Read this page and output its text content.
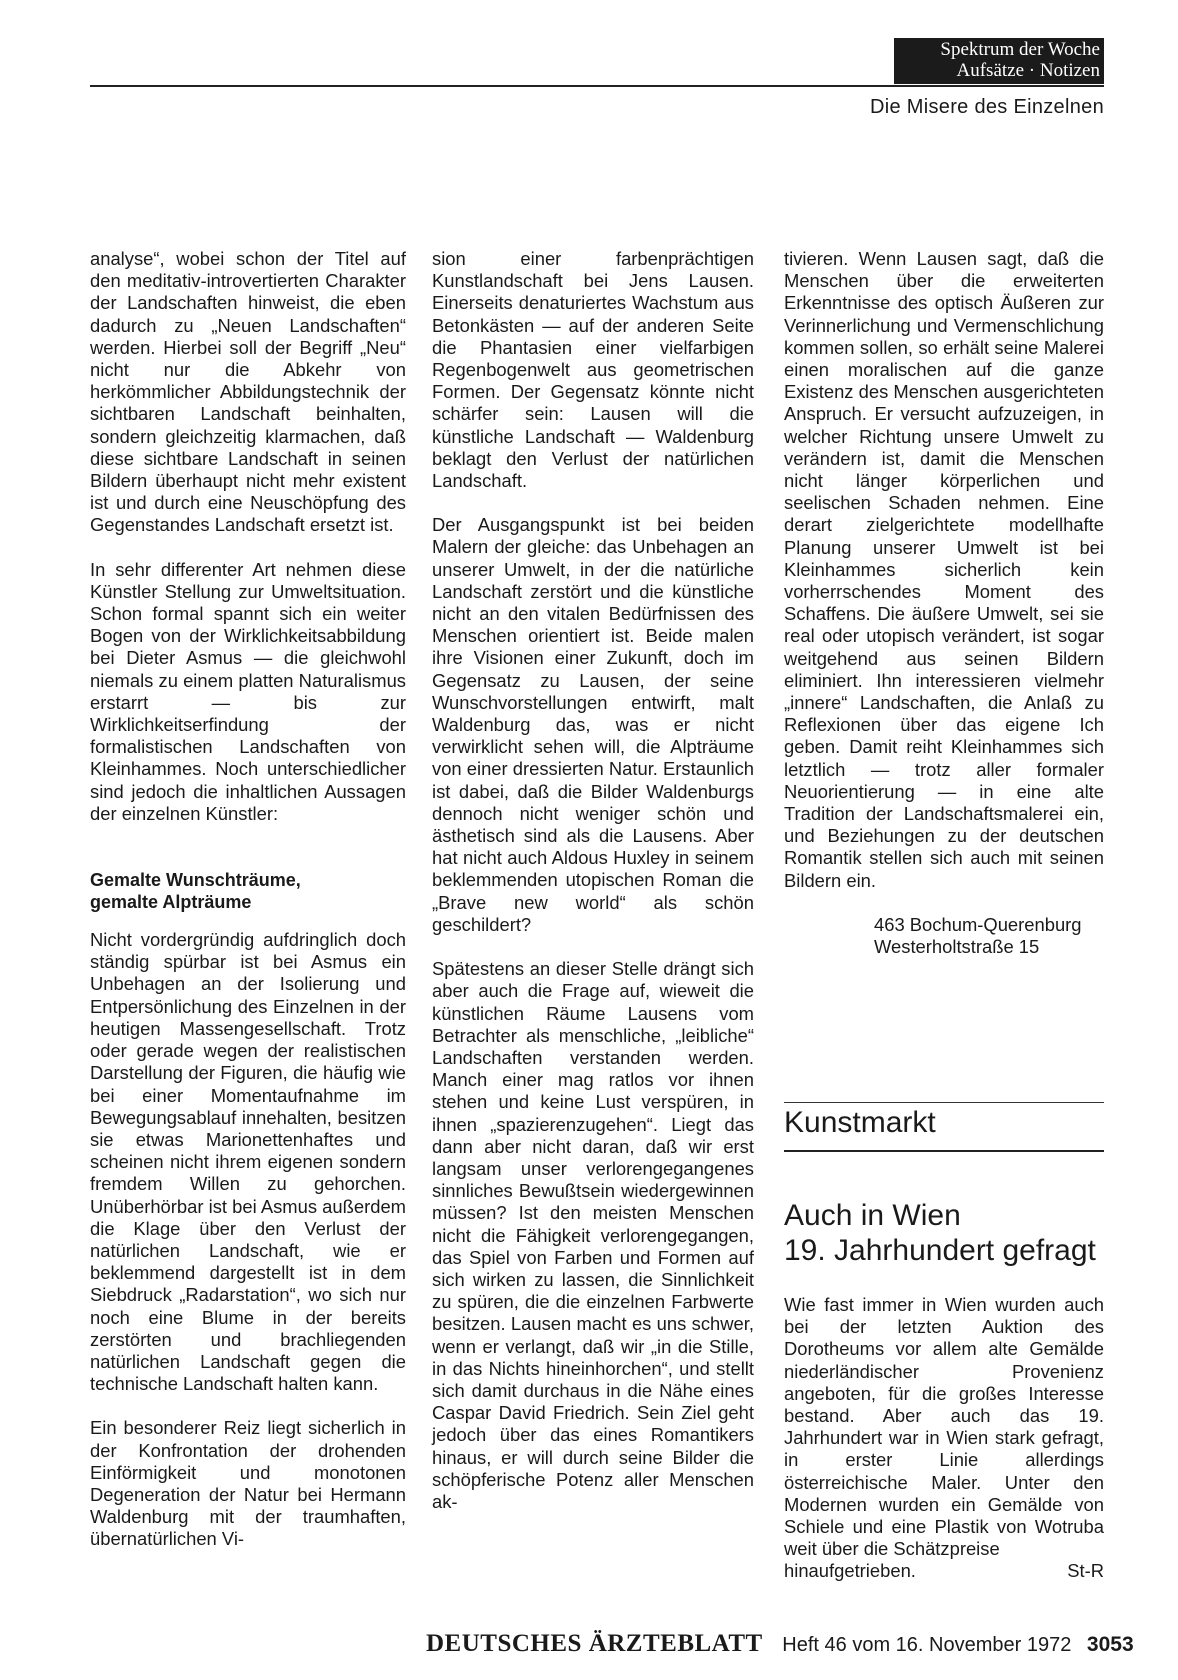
Spektrum der Woche
Aufsätze · Notizen
Die Misere des Einzelnen

analyse“, wobei schon der Titel auf den meditativ-introvertierten Charakter der Landschaften hinweist, die eben dadurch zu „Neuen Landschaften“ werden. Hierbei soll der Begriff „Neu“ nicht nur die Abkehr von herkömmlicher Abbildungstechnik der sichtbaren Landschaft beinhalten, sondern gleichzeitig klarmachen, daß diese sichtbare Landschaft in seinen Bildern überhaupt nicht mehr existent ist und durch eine Neuschöpfung des Gegenstandes Landschaft ersetzt ist.

In sehr differenter Art nehmen diese Künstler Stellung zur Umweltsituation. Schon formal spannt sich ein weiter Bogen von der Wirklichkeitsabbildung bei Dieter Asmus — die gleichwohl niemals zu einem platten Naturalismus erstarrt — bis zur Wirklichkeitserfindung der formalistischen Landschaften von Kleinhammes. Noch unterschiedlicher sind jedoch die inhaltlichen Aussagen der einzelnen Künstler:

Gemalte Wunschträume,

gemalte Alpträume

Nicht vordergründig aufdringlich doch ständig spürbar ist bei Asmus ein Unbehagen an der Isolierung und Entpersönlichung des Einzelnen in der heutigen Massengesellschaft. Trotz oder gerade wegen der realistischen Darstellung der Figuren, die häufig wie bei einer Momentaufnahme im Bewegungsablauf innehalten, besitzen sie etwas Marionettenhaftes und scheinen nicht ihrem eigenen sondern fremdem Willen zu gehorchen. Unüberhörbar ist bei Asmus außerdem die Klage über den Verlust der natürlichen Landschaft, wie er beklemmend dargestellt ist in dem Siebdruck „Radarstation“, wo sich nur noch eine Blume in der bereits zerstörten und brachliegenden natürlichen Landschaft gegen die technische Landschaft halten kann.

Ein besonderer Reiz liegt sicherlich in der Konfrontation der drohenden Einförmigkeit und monotonen Degeneration der Natur bei Hermann Waldenburg mit der traumhaften, übernatürlichen Vi-

sion einer farbenprächtigen Kunstlandschaft bei Jens Lausen. Einerseits denaturiertes Wachstum aus Betonkästen — auf der anderen Seite die Phantasien einer vielfarbigen Regenbogenwelt aus geometrischen Formen. Der Gegensatz könnte nicht schärfer sein: Lausen will die künstliche Landschaft — Waldenburg beklagt den Verlust der natürlichen Landschaft.

Der Ausgangspunkt ist bei beiden Malern der gleiche: das Unbehagen an unserer Umwelt, in der die natürliche Landschaft zerstört und die künstliche nicht an den vitalen Bedürfnissen des Menschen orientiert ist. Beide malen ihre Visionen einer Zukunft, doch im Gegensatz zu Lausen, der seine Wunschvorstellungen entwirft, malt Waldenburg das, was er nicht verwirklicht sehen will, die Alpträume von einer dressierten Natur. Erstaunlich ist dabei, daß die Bilder Waldenburgs dennoch nicht weniger schön und ästhetisch sind als die Lausens. Aber hat nicht auch Aldous Huxley in seinem beklemmenden utopischen Roman die „Brave new world“ als schön geschildert?

Spätestens an dieser Stelle drängt sich aber auch die Frage auf, wieweit die künstlichen Räume Lausens vom Betrachter als menschliche, „leibliche“ Landschaften verstanden werden. Manch einer mag ratlos vor ihnen stehen und keine Lust verspüren, in ihnen „spazierenzugehen“. Liegt das dann aber nicht daran, daß wir erst langsam unser verlorengegangenes sinnliches Bewußtsein wiedergewinnen müssen? Ist den meisten Menschen nicht die Fähigkeit verlorengegangen, das Spiel von Farben und Formen auf sich wirken zu lassen, die Sinnlichkeit zu spüren, die die einzelnen Farbwerte besitzen. Lausen macht es uns schwer, wenn er verlangt, daß wir „in die Stille, in das Nichts hineinhorchen“, und stellt sich damit durchaus in die Nähe eines Caspar David Friedrich. Sein Ziel geht jedoch über das eines Romantikers hinaus, er will durch seine Bilder die schöpferische Potenz aller Menschen ak-

tivieren. Wenn Lausen sagt, daß die Menschen über die erweiterten Erkenntnisse des optisch Äußeren zur Verinnerlichung und Vermenschlichung kommen sollen, so erhält seine Malerei einen moralischen auf die ganze Existenz des Menschen ausgerichteten Anspruch. Er versucht aufzuzeigen, in welcher Richtung unsere Umwelt zu verändern ist, damit die Menschen nicht länger körperlichen und seelischen Schaden nehmen. Eine derart zielgerichtete modellhafte Planung unserer Umwelt ist bei Kleinhammes sicherlich kein vorherrschendes Moment des Schaffens. Die äußere Umwelt, sei sie real oder utopisch verändert, ist sogar weitgehend aus seinen Bildern eliminiert. Ihn interessieren vielmehr „innere“ Landschaften, die Anlaß zu Reflexionen über das eigene Ich geben. Damit reiht Kleinhammes sich letztlich — trotz aller formaler Neuorientierung — in eine alte Tradition der Landschaftsmalerei ein, und Beziehungen zu der deutschen Romantik stellen sich auch mit seinen Bildern ein.

463 Bochum-Querenburg

Westerholtstraße 15

Kunstmarkt
Auch in Wien
19. Jahrhundert gefragt

Wie fast immer in Wien wurden auch bei der letzten Auktion des Dorotheums vor allem alte Gemälde niederländischer Provenienz angeboten, für die großes Interesse bestand. Aber auch das 19. Jahrhundert war in Wien stark gefragt, in erster Linie allerdings österreichische Maler. Unter den Modernen wurden ein Gemälde von Schiele und eine Plastik von Wotruba weit über die Schätzpreise

hinaufgetrieben.	St-R
DEUTSCHES ÄRZTEBLATT Heft 46 vom 16. November 1972 3053
